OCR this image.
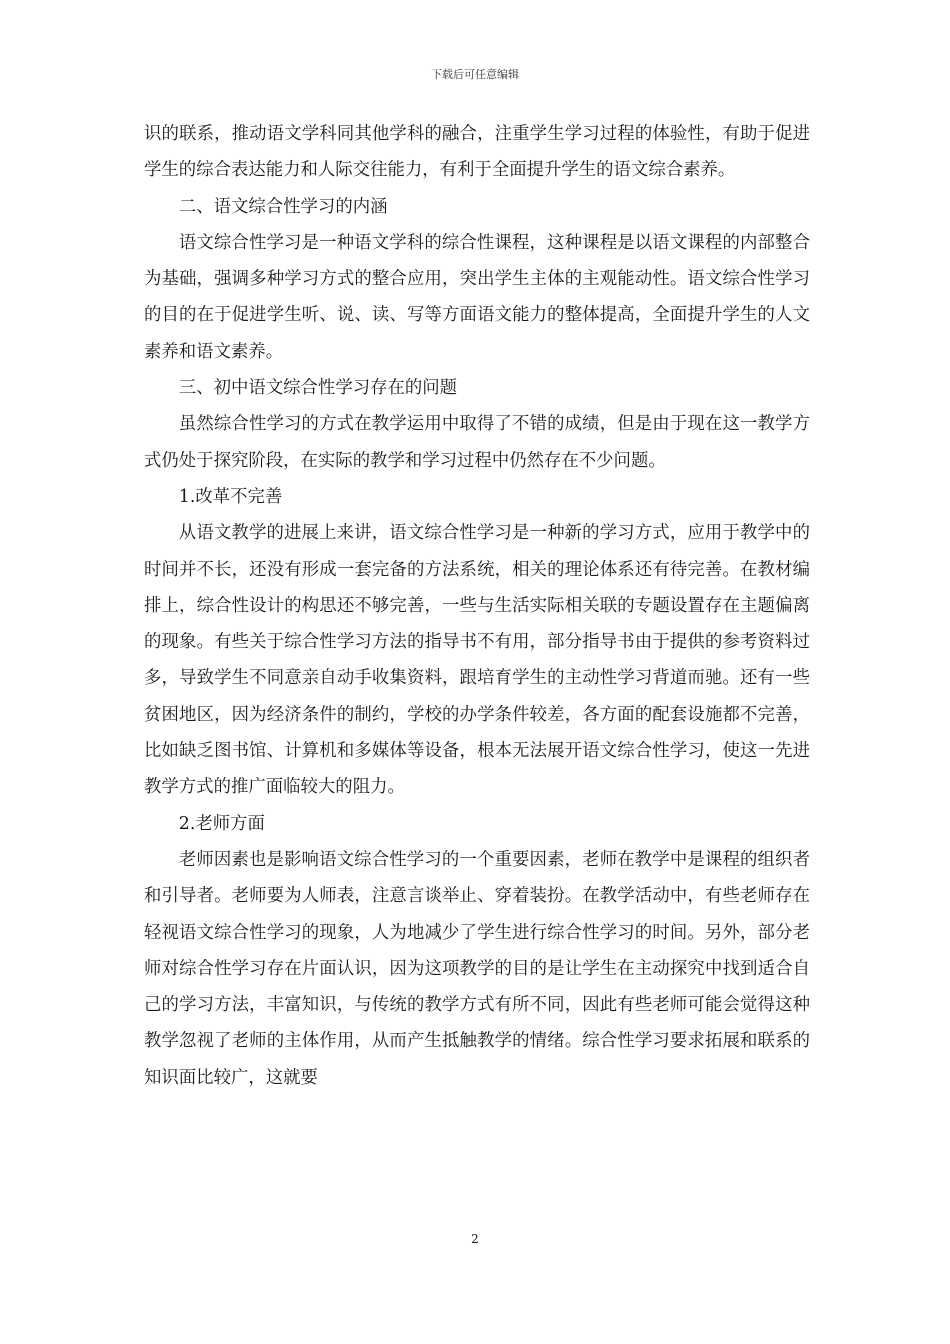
下载后可任意编辑

识的联系，推动语文学科同其他学科的融合，注重学生学习过程的体验性，有助于促进学生的综合表达能力和人际交往能力，有利于全面提升学生的语文综合素养。

二、语文综合性学习的内涵

语文综合性学习是一种语文学科的综合性课程，这种课程是以语文课程的内部整合为基础，强调多种学习方式的整合应用，突出学生主体的主观能动性。语文综合性学习的目的在于促进学生听、说、读、写等方面语文能力的整体提高，全面提升学生的人文素养和语文素养。

三、初中语文综合性学习存在的问题

虽然综合性学习的方式在教学运用中取得了不错的成绩，但是由于现在这一教学方式仍处于探究阶段，在实际的教学和学习过程中仍然存在不少问题。

1.改革不完善

从语文教学的进展上来讲，语文综合性学习是一种新的学习方式，应用于教学中的时间并不长，还没有形成一套完备的方法系统，相关的理论体系还有待完善。在教材编排上，综合性设计的构思还不够完善，一些与生活实际相关联的专题设置存在主题偏离的现象。有些关于综合性学习方法的指导书不有用，部分指导书由于提供的参考资料过多，导致学生不同意亲自动手收集资料，跟培育学生的主动性学习背道而驰。还有一些贫困地区，因为经济条件的制约，学校的办学条件较差，各方面的配套设施都不完善，比如缺乏图书馆、计算机和多媒体等设备，根本无法展开语文综合性学习，使这一先进教学方式的推广面临较大的阻力。

2.老师方面

老师因素也是影响语文综合性学习的一个重要因素，老师在教学中是课程的组织者和引导者。老师要为人师表，注意言谈举止、穿着装扮。在教学活动中，有些老师存在轻视语文综合性学习的现象，人为地减少了学生进行综合性学习的时间。另外，部分老师对综合性学习存在片面认识，因为这项教学的目的是让学生在主动探究中找到适合自己的学习方法，丰富知识，与传统的教学方式有所不同，因此有些老师可能会觉得这种教学忽视了老师的主体作用，从而产生抵触教学的情绪。综合性学习要求拓展和联系的知识面比较广，这就要

2
